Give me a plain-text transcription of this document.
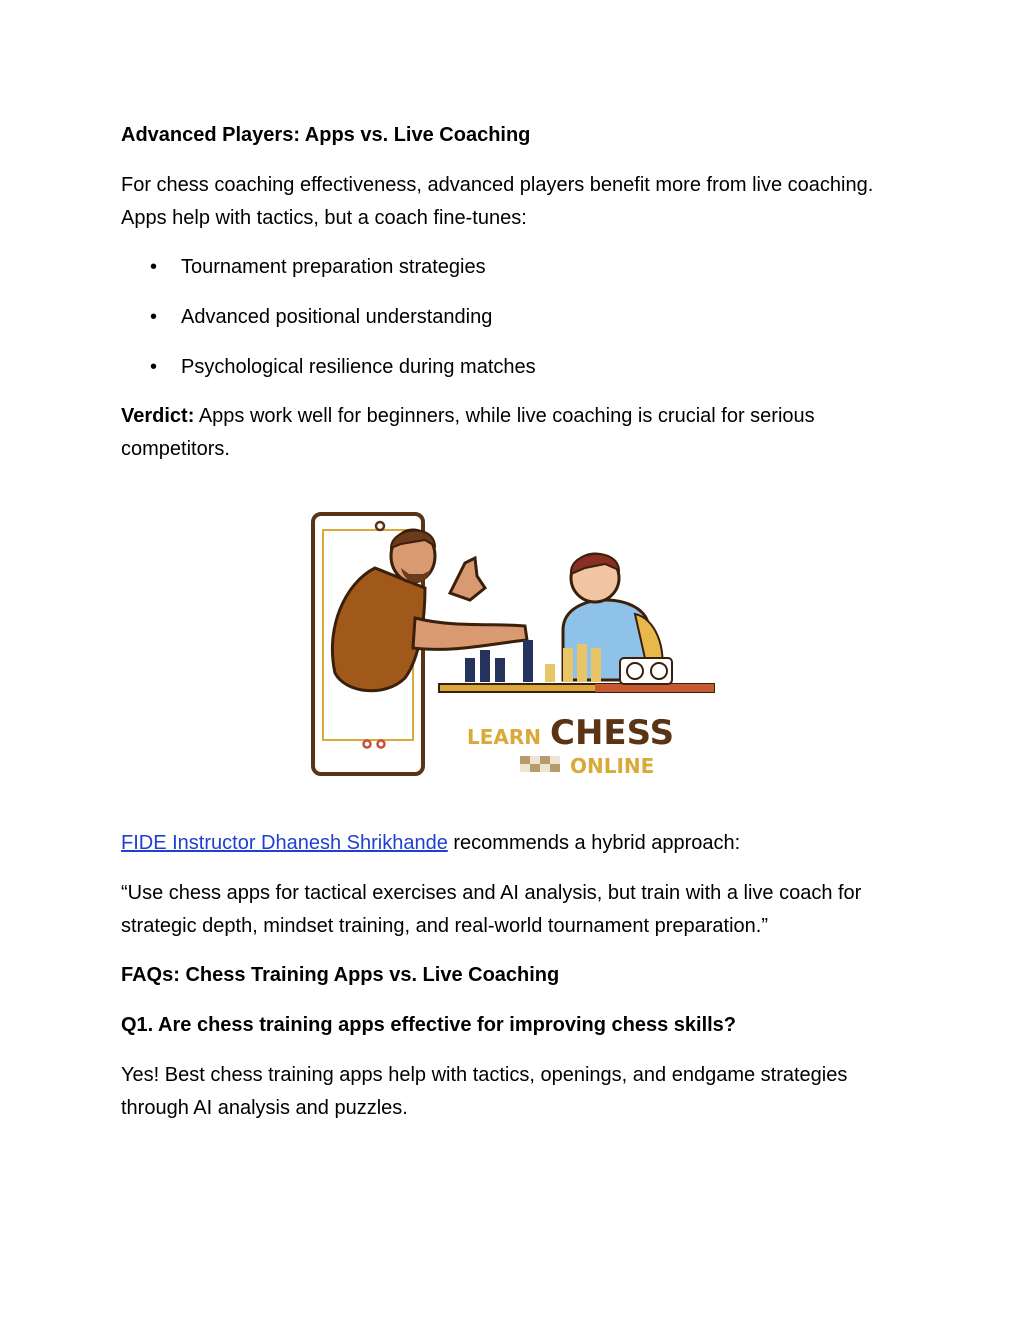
Advanced Players: Apps vs. Live Coaching

For chess coaching effectiveness, advanced players benefit more from live coaching. Apps help with tactics, but a coach fine-tunes:

• Tournament preparation strategies
• Advanced positional understanding
• Psychological resilience during matches

Verdict: Apps work well for beginners, while live coaching is crucial for serious competitors.

LEARN CHESS
ONLINE

FIDE Instructor Dhanesh Shrikhande recommends a hybrid approach:

“Use chess apps for tactical exercises and AI analysis, but train with a live coach for strategic depth, mindset training, and real-world tournament preparation.”

FAQs: Chess Training Apps vs. Live Coaching

Q1. Are chess training apps effective for improving chess skills?

Yes! Best chess training apps help with tactics, openings, and endgame strategies through AI analysis and puzzles.
